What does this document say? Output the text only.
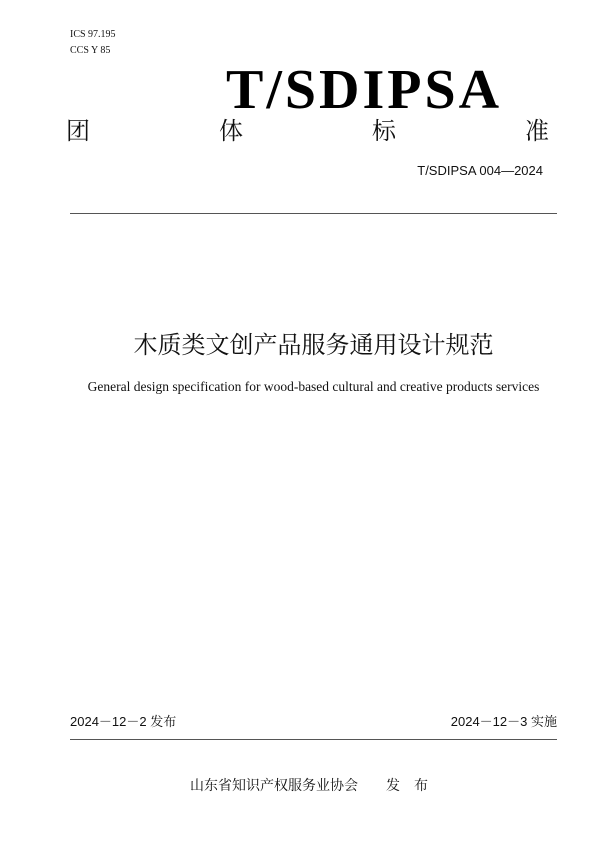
ICS 97.195
CCS Y 85
T/SDIPSA
团	体	标	准
T/SDIPSA 004—2024
木质类文创产品服务通用设计规范
General design specification for wood-based cultural and creative products services
2024－12－2 发布	2024－12－3 实施
山东省知识产权服务业协会 发　布
